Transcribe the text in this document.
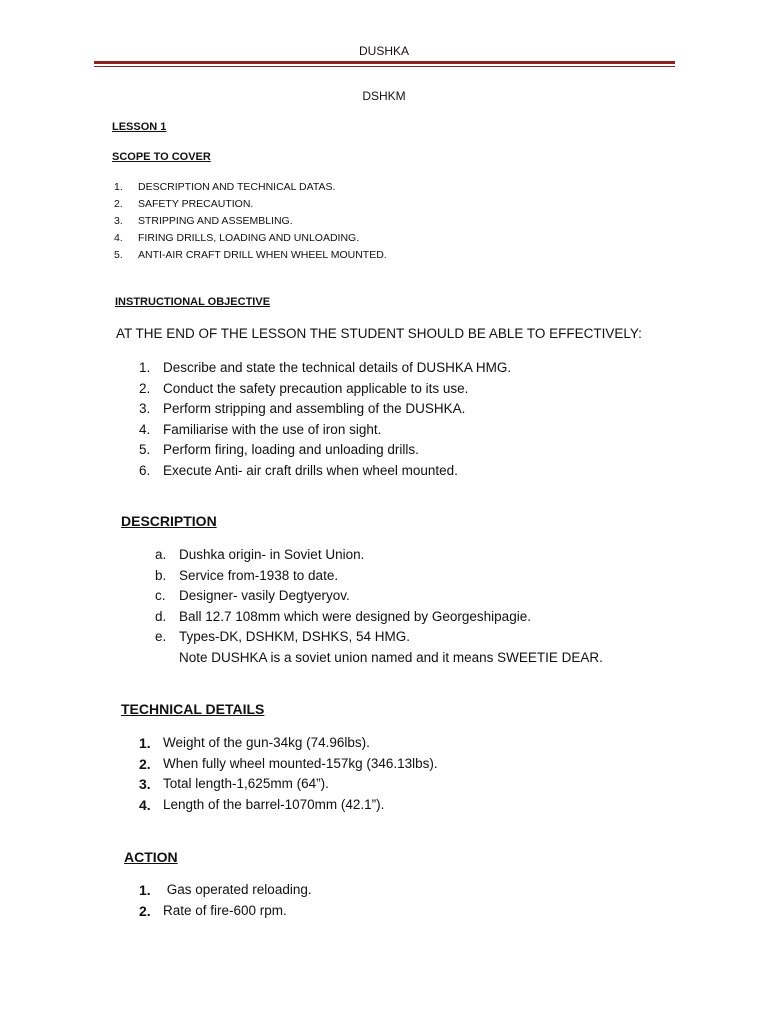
DUSHKA
DSHKM
LESSON 1
SCOPE TO COVER
1. DESCRIPTION AND TECHNICAL DATAS.
2. SAFETY PRECAUTION.
3. STRIPPING AND ASSEMBLING.
4. FIRING DRILLS, LOADING AND UNLOADING.
5. ANTI-AIR CRAFT DRILL WHEN WHEEL MOUNTED.
INSTRUCTIONAL OBJECTIVE
AT THE END OF THE LESSON THE STUDENT SHOULD BE ABLE TO EFFECTIVELY:
1. Describe and state the technical details of DUSHKA HMG.
2. Conduct the safety precaution applicable to its use.
3. Perform stripping and assembling of the DUSHKA.
4. Familiarise with the use of iron sight.
5. Perform firing, loading and unloading drills.
6. Execute Anti- air craft drills when wheel mounted.
DESCRIPTION
a. Dushka origin- in Soviet Union.
b. Service from-1938 to date.
c. Designer- vasily Degtyeryov.
d. Ball 12.7 108mm which were designed by Georgeshipagie.
e. Types-DK, DSHKM, DSHKS, 54 HMG.
Note DUSHKA is a soviet union named and it means SWEETIE DEAR.
TECHNICAL DETAILS
1. Weight of the gun-34kg (74.96lbs).
2. When fully wheel mounted-157kg (346.13lbs).
3. Total length-1,625mm (64”).
4. Length of the barrel-1070mm (42.1”).
ACTION
1. Gas operated reloading.
2. Rate of fire-600 rpm.
